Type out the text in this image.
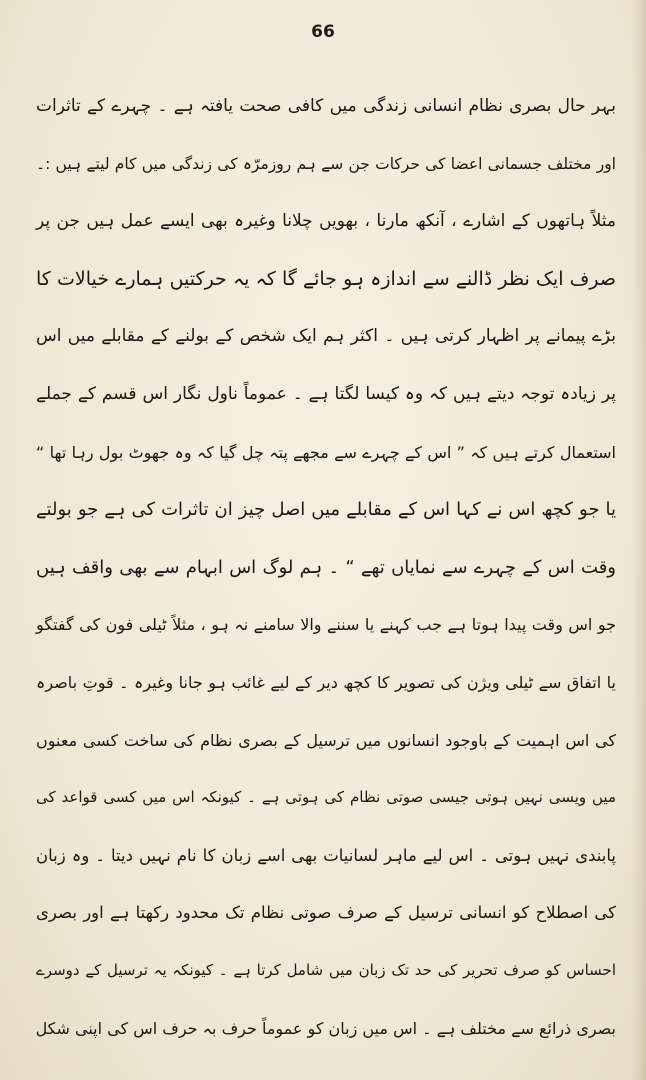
66
بہر حال بصری نظام انسانی زندگی میں کافی صحت یافتہ ہے ۔ چہرے کے تاثرات
اور مختلف جسمانی اعضا کی حرکات جن سے ہم روزمرّہ کی زندگی میں کام لیتے ہیں :۔
مثلاً ہاتھوں کے اشارے ، آنکھ مارنا ، بھویں چلانا وغیرہ بھی ایسے عمل ہیں جن پر
صرف ایک نظر ڈالنے سے اندازہ ہو جائے گا کہ یہ حرکتیں ہمارے خیالات کا
بڑے پیمانے پر اظہار کرتی ہیں ۔ اکثر ہم ایک شخص کے بولنے کے مقابلے میں اس
پر زیادہ توجہ دیتے ہیں کہ وہ کیسا لگتا ہے ۔ عموماً ناول نگار اس قسم کے جملے
استعمال کرتے ہیں کہ ” اس کے چہرے سے مجھے پتہ چل گیا کہ وہ جھوٹ بول رہا تھا “
یا جو کچھ اس نے کہا اس کے مقابلے میں اصل چیز ان تاثرات کی ہے جو بولتے
وقت اس کے چہرے سے نمایاں تھے “ ۔ ہم لوگ اس ابہام سے بھی واقف ہیں
جو اس وقت پیدا ہوتا ہے جب کہنے یا سننے والا سامنے نہ ہو ، مثلاً ٹیلی فون کی گفتگو
یا اتفاق سے ٹیلی ویژن کی تصویر کا کچھ دیر کے لیے غائب ہو جانا وغیرہ ۔ قوتِ باصرہ
کی اس اہمیت کے باوجود انسانوں میں ترسیل کے بصری نظام کی ساخت کسی معنوں
میں ویسی نہیں ہوتی جیسی صوتی نظام کی ہوتی ہے ۔ کیونکہ اس میں کسی قواعد کی
پابندی نہیں ہوتی ۔ اس لیے ماہر لسانیات بھی اسے زبان کا نام نہیں دیتا ۔ وہ زبان
کی اصطلاح کو انسانی ترسیل کے صرف صوتی نظام تک محدود رکھتا ہے اور بصری
احساس کو صرف تحریر کی حد تک زبان میں شامل کرتا ہے ۔ کیونکہ یہ ترسیل کے دوسرے
بصری ذرائع سے مختلف ہے ۔ اس میں زبان کو عموماً حرف بہ حرف اس کی اپنی شکل
